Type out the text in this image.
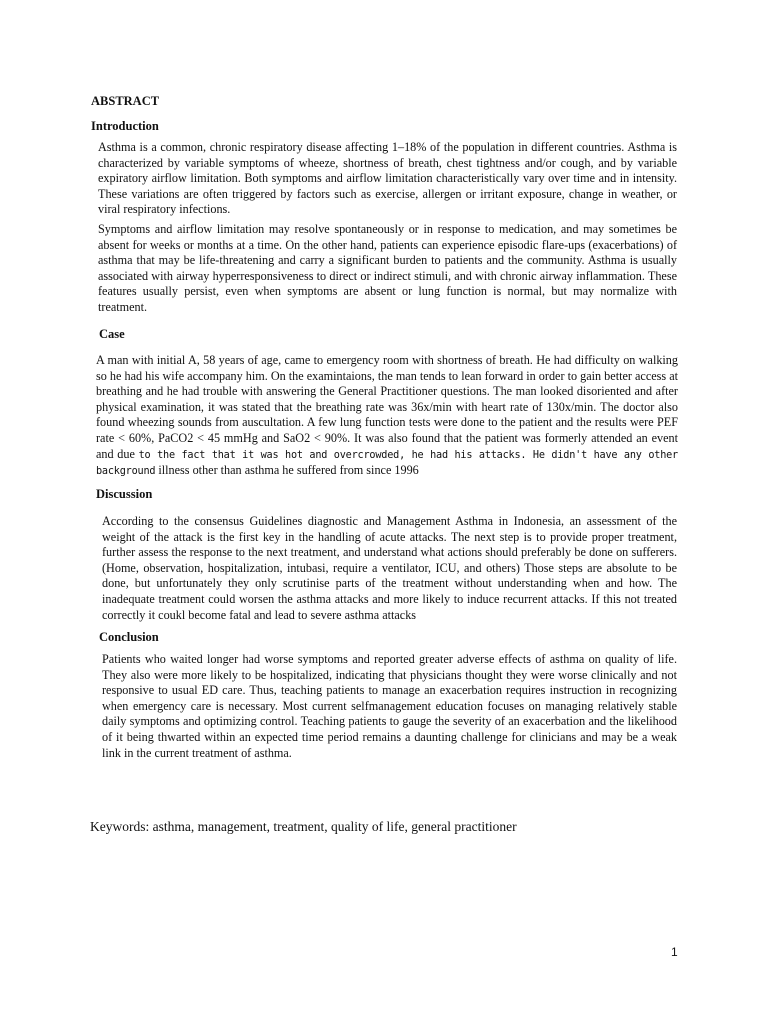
ABSTRACT

Introduction

Asthma is a common, chronic respiratory disease affecting 1–18% of the population in different countries. Asthma is characterized by variable symptoms of wheeze, shortness of breath, chest tightness and/or cough, and by variable expiratory airflow limitation. Both symptoms and airflow limitation characteristically vary over time and in intensity. These variations are often triggered by factors such as exercise, allergen or irritant exposure, change in weather, or viral respiratory infections.

Symptoms and airflow limitation may resolve spontaneously or in response to medication, and may sometimes be absent for weeks or months at a time. On the other hand, patients can experience episodic flare-ups (exacerbations) of asthma that may be life-threatening and carry a significant burden to patients and the community. Asthma is usually associated with airway hyperresponsiveness to direct or indirect stimuli, and with chronic airway inflammation. These features usually persist, even when symptoms are absent or lung function is normal, but may normalize with treatment.

Case

A man with initial A, 58 years of age, came to emergency room with shortness of breath. He had difficulty on walking so he had his wife accompany him. On the examintaions, the man tends to lean forward in order to gain better access at breathing and he had trouble with answering the General Practitioner questions. The man looked disoriented and after physical examination, it was stated that the breathing rate was 36x/min with heart rate of 130x/min. The doctor also found wheezing sounds from auscultation. A few lung function tests were done to the patient and the results were PEF rate < 60%, PaCO2 < 45 mmHg and SaO2 < 90%. It was also found that the patient was formerly attended an event and due to the fact that it was hot and overcrowded, he had his attacks. He didn't have any other background illness other than asthma he suffered from since 1996

Discussion

According to the consensus Guidelines diagnostic and Management Asthma in Indonesia, an assessment of the weight of the attack is the first key in the handling of acute attacks. The next step is to provide proper treatment, further assess the response to the next treatment, and understand what actions should preferably be done on sufferers. (Home, observation, hospitalization, intubasi, require a ventilator, ICU, and others) Those steps are absolute to be done, but unfortunately they only scrutinise parts of the treatment without understanding when and how. The inadequate treatment could worsen the asthma attacks and more likely to induce recurrent attacks. If this not treated correctly it coukl become fatal and lead to severe asthma attacks

Conclusion

Patients who waited longer had worse symptoms and reported greater adverse effects of asthma on quality of life. They also were more likely to be hospitalized, indicating that physicians thought they were worse clinically and not responsive to usual ED care. Thus, teaching patients to manage an exacerbation requires instruction in recognizing when emergency care is necessary. Most current selfmanagement education focuses on managing relatively stable daily symptoms and optimizing control. Teaching patients to gauge the severity of an exacerbation and the likelihood of it being thwarted within an expected time period remains a daunting challenge for clinicians and may be a weak link in the current treatment of asthma.

Keywords: asthma, management, treatment, quality of life, general practitioner

1
